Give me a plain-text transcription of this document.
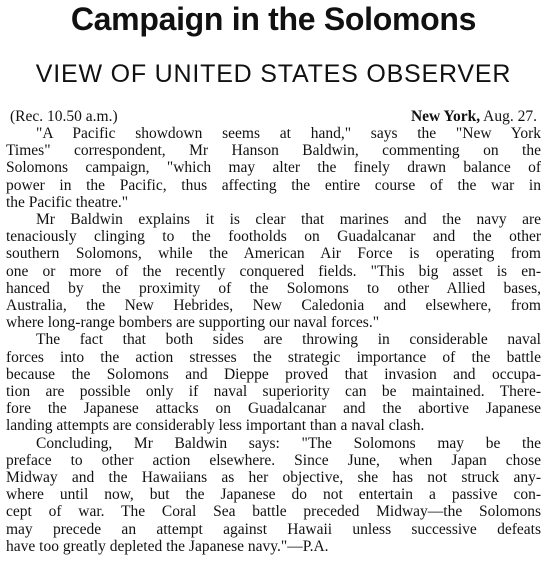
Campaign in the Solomons
VIEW OF UNITED STATES OBSERVER
(Rec. 10.50 a.m.)	New York, Aug. 27.
"A Pacific showdown seems at hand," says the "New York
Times" correspondent, Mr Hanson Baldwin, commenting on the
Solomons campaign, "which may alter the finely drawn balance of
power in the Pacific, thus affecting the entire course of the war in
the Pacific theatre."
Mr Baldwin explains it is clear that marines and the navy are
tenaciously clinging to the footholds on Guadalcanar and the other
southern Solomons, while the American Air Force is operating from
one or more of the recently conquered fields. "This big asset is en-
hanced by the proximity of the Solomons to other Allied bases,
Australia, the New Hebrides, New Caledonia and elsewhere, from
where long-range bombers are supporting our naval forces."
The fact that both sides are throwing in considerable naval
forces into the action stresses the strategic importance of the battle
because the Solomons and Dieppe proved that invasion and occupa-
tion are possible only if naval superiority can be maintained. There-
fore the Japanese attacks on Guadalcanar and the abortive Japanese
landing attempts are considerably less important than a naval clash.
Concluding, Mr Baldwin says: "The Solomons may be the
preface to other action elsewhere. Since June, when Japan chose
Midway and the Hawaiians as her objective, she has not struck any-
where until now, but the Japanese do not entertain a passive con-
cept of war. The Coral Sea battle preceded Midway—the Solomons
may precede an attempt against Hawaii unless successive defeats
have too greatly depleted the Japanese navy."—P.A.
